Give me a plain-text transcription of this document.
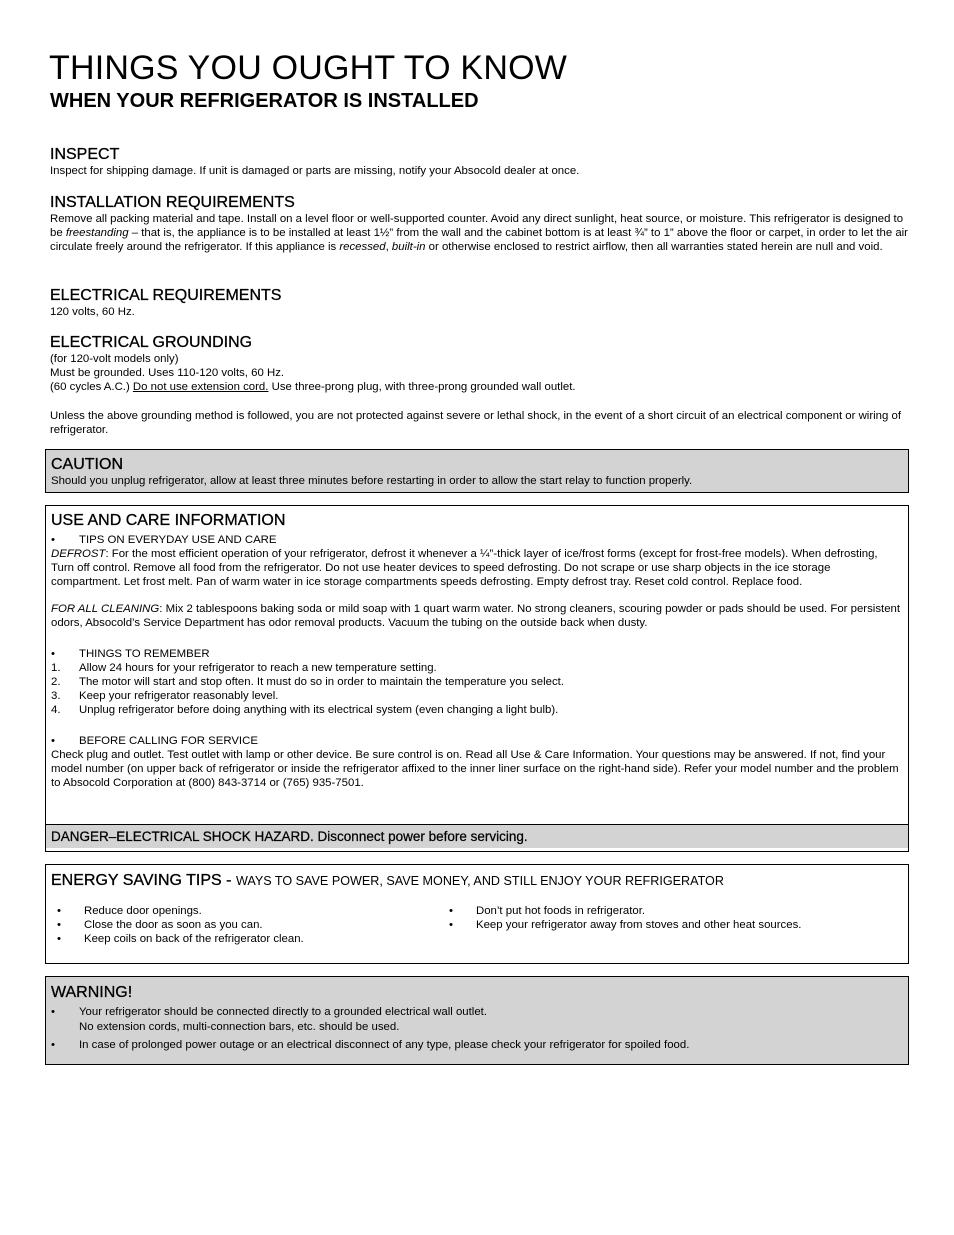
THINGS YOU OUGHT TO KNOW
WHEN YOUR REFRIGERATOR IS INSTALLED
INSPECT

Inspect for shipping damage. If unit is damaged or parts are missing, notify your Absocold dealer at once.

INSTALLATION REQUIREMENTS

Remove all packing material and tape. Install on a level floor or well-supported counter. Avoid any direct sunlight, heat source, or moisture. This refrigerator is designed to be freestanding – that is, the appliance is to be installed at least 1½” from the wall and the cabinet bottom is at least ¾” to 1” above the floor or carpet, in order to let the air circulate freely around the refrigerator. If this appliance is recessed, built-in or otherwise enclosed to restrict airflow, then all warranties stated herein are null and void.

ELECTRICAL REQUIREMENTS

120 volts, 60 Hz.

ELECTRICAL GROUNDING

(for 120-volt models only)

Must be grounded. Uses 110-120 volts, 60 Hz.

(60 cycles A.C.) Do not use extension cord. Use three-prong plug, with three-prong grounded wall outlet.

Unless the above grounding method is followed, you are not protected against severe or lethal shock, in the event of a short circuit of an electrical component or wiring of refrigerator.

CAUTION

Should you unplug refrigerator, allow at least three minutes before restarting in order to allow the start relay to function properly.

USE AND CARE INFORMATION
•	TIPS ON EVERYDAY USE AND CARE

DEFROST: For the most efficient operation of your refrigerator, defrost it whenever a ¼”-thick layer of ice/frost forms (except for frost-free models). When defrosting, Turn off control. Remove all food from the refrigerator. Do not use heater devices to speed defrosting. Do not scrape or use sharp objects in the ice storage compartment. Let frost melt. Pan of warm water in ice storage compartments speeds defrosting. Empty defrost tray. Reset cold control. Replace food.

FOR ALL CLEANING: Mix 2 tablespoons baking soda or mild soap with 1 quart warm water. No strong cleaners, scouring powder or pads should be used. For persistent odors, Absocold’s Service Department has odor removal products. Vacuum the tubing on the outside back when dusty.

•	THINGS TO REMEMBER
1.	Allow 24 hours for your refrigerator to reach a new temperature setting.
2.	The motor will start and stop often. It must do so in order to maintain the temperature you select.
3.	Keep your refrigerator reasonably level.
4.	Unplug refrigerator before doing anything with its electrical system (even changing a light bulb).
•	BEFORE CALLING FOR SERVICE

Check plug and outlet. Test outlet with lamp or other device. Be sure control is on. Read all Use & Care Information. Your questions may be answered. If not, find your model number (on upper back of refrigerator or inside the refrigerator affixed to the inner liner surface on the right-hand side). Refer your model number and the problem to Absocold Corporation at (800) 843-3714 or (765) 935-7501.

DANGER–ELECTRICAL SHOCK HAZARD. Disconnect power before servicing.
ENERGY SAVING TIPS - WAYS TO SAVE POWER, SAVE MONEY, AND STILL ENJOY YOUR REFRIGERATOR
•	Reduce door openings.
•	Close the door as soon as you can.
•	Keep coils on back of the refrigerator clean.
•	Don’t put hot foods in refrigerator.
•	Keep your refrigerator away from stoves and other heat sources.
WARNING!
•	Your refrigerator should be connected directly to a grounded electrical wall outlet.
No extension cords, multi-connection bars, etc. should be used.
•	In case of prolonged power outage or an electrical disconnect of any type, please check your refrigerator for spoiled food.
